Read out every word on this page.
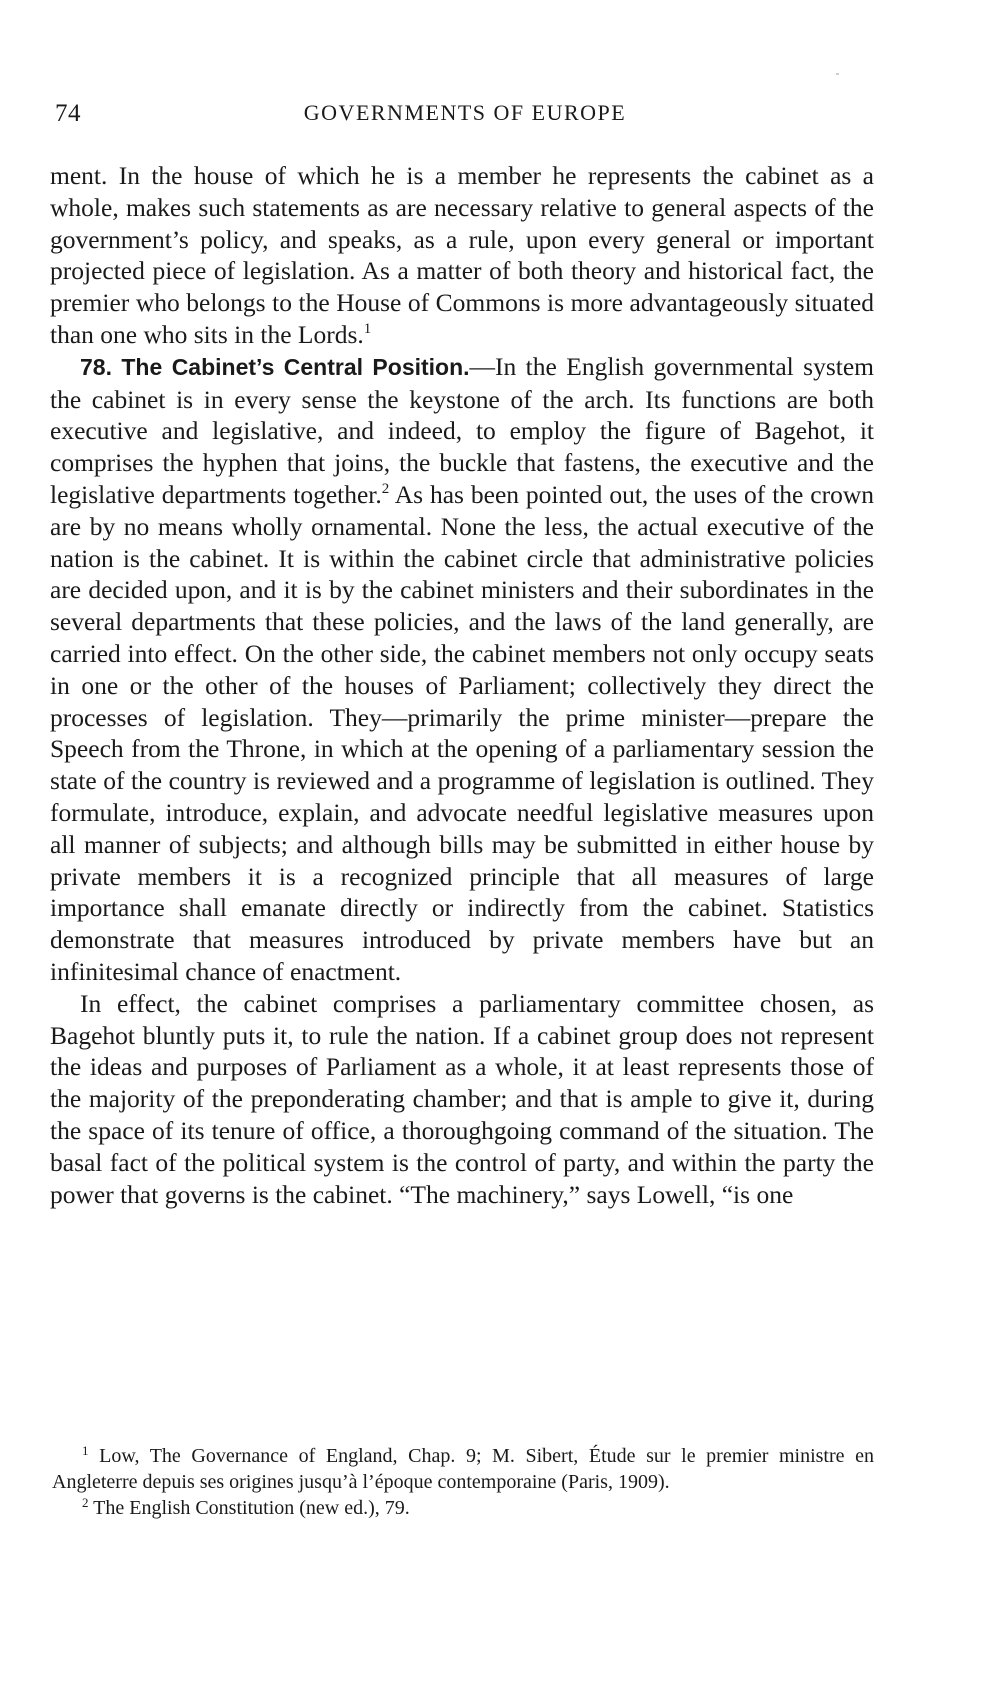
74	GOVERNMENTS OF EUROPE

ment. In the house of which he is a member he represents the cabinet as a whole, makes such statements as are necessary relative to general aspects of the government’s policy, and speaks, as a rule, upon every general or important projected piece of legislation. As a matter of both theory and historical fact, the premier who belongs to the House of Commons is more advantageously situated than one who sits in the Lords.$^1$

78. The Cabinet’s Central Position.—In the English governmental system the cabinet is in every sense the keystone of the arch. Its functions are both executive and legislative, and indeed, to employ the figure of Bagehot, it comprises the hyphen that joins, the buckle that fastens, the executive and the legislative departments together.$^2$ As has been pointed out, the uses of the crown are by no means wholly ornamental. None the less, the actual executive of the nation is the cabinet. It is within the cabinet circle that administrative policies are decided upon, and it is by the cabinet ministers and their subordinates in the several departments that these policies, and the laws of the land generally, are carried into effect. On the other side, the cabinet members not only occupy seats in one or the other of the houses of Parliament; collectively they direct the processes of legislation. They—primarily the prime minister—prepare the Speech from the Throne, in which at the opening of a parliamentary session the state of the country is reviewed and a programme of legislation is outlined. They formulate, introduce, explain, and advocate needful legislative measures upon all manner of subjects; and although bills may be submitted in either house by private members it is a recognized principle that all measures of large importance shall emanate directly or indirectly from the cabinet. Statistics demonstrate that measures introduced by private members have but an infinitesimal chance of enactment.

In effect, the cabinet comprises a parliamentary committee chosen, as Bagehot bluntly puts it, to rule the nation. If a cabinet group does not represent the ideas and purposes of Parliament as a whole, it at least represents those of the majority of the preponderating chamber; and that is ample to give it, during the space of its tenure of office, a thoroughgoing command of the situation. The basal fact of the political system is the control of party, and within the party the power that governs is the cabinet. “The machinery,” says Lowell, “is one

$^1$ Low, The Governance of England, Chap. 9; M. Sibert, Étude sur le premier ministre en Angleterre depuis ses origines jusqu’à l’époque contemporaine (Paris, 1909).

$^2$ The English Constitution (new ed.), 79.
